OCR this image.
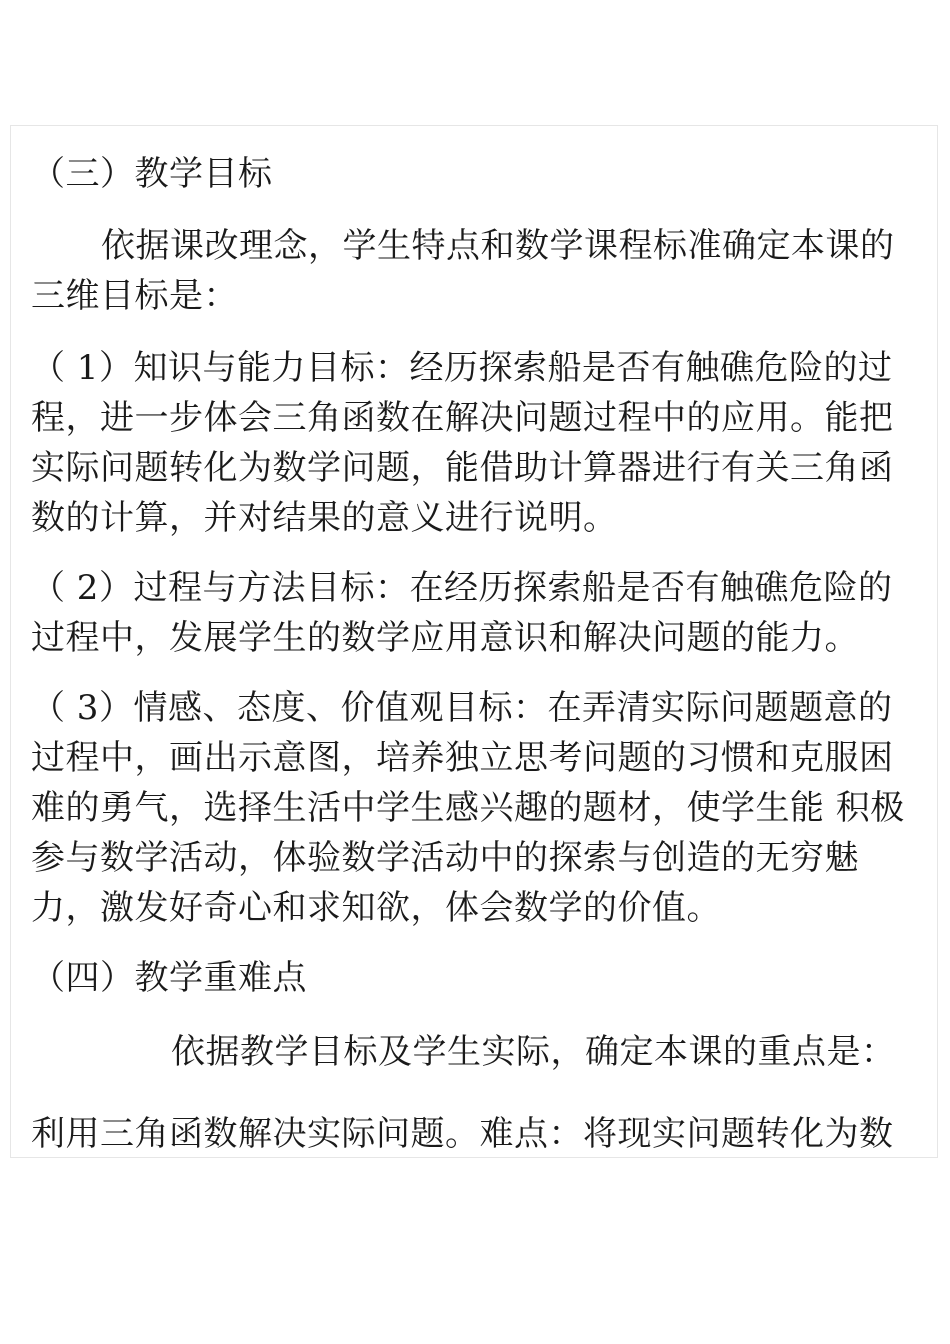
（三）教学目标
依据课改理念，学生特点和数学课程标准确定本课的
三维目标是：
（ 1）知识与能力目标：经历探索船是否有触礁危险的过
程，进一步体会三角函数在解决问题过程中的应用。能把
实际问题转化为数学问题，能借助计算器进行有关三角函
数的计算，并对结果的意义进行说明。
（ 2）过程与方法目标：在经历探索船是否有触礁危险的
过程中，发展学生的数学应用意识和解决问题的能力。
（ 3）情感、态度、价值观目标：在弄清实际问题题意的
过程中，画出示意图，培养独立思考问题的习惯和克服困
难的勇气，选择生活中学生感兴趣的题材，使学生能 积极
参与数学活动，体验数学活动中的探索与创造的无穷魅
力，激发好奇心和求知欲，体会数学的价值。
（四）教学重难点
依据教学目标及学生实际，确定本课的重点是：
利用三角函数解决实际问题。难点：将现实问题转化为数
